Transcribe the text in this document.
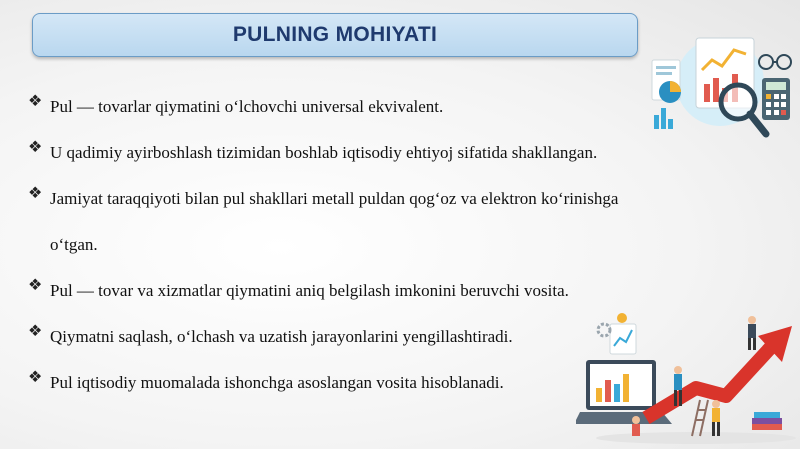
PULNING MOHIYATI
❖ Pul — tovarlar qiymatini o‘lchovchi universal ekvivalent.
❖ U qadimiy ayirboshlash tizimidan boshlab iqtisodiy ehtiyoj sifatida shakllangan.
❖ Jamiyat taraqqiyoti bilan pul shakllari metall puldan qog‘oz va elektron ko‘rinishga
o‘tgan.
❖ Pul — tovar va xizmatlar qiymatini aniq belgilash imkonini beruvchi vosita.
❖ Qiymatni saqlash, o‘lchash va uzatish jarayonlarini yengillashtiradi.
❖ Pul iqtisodiy muomalada ishonchga asoslangan vosita hisoblanadi.
